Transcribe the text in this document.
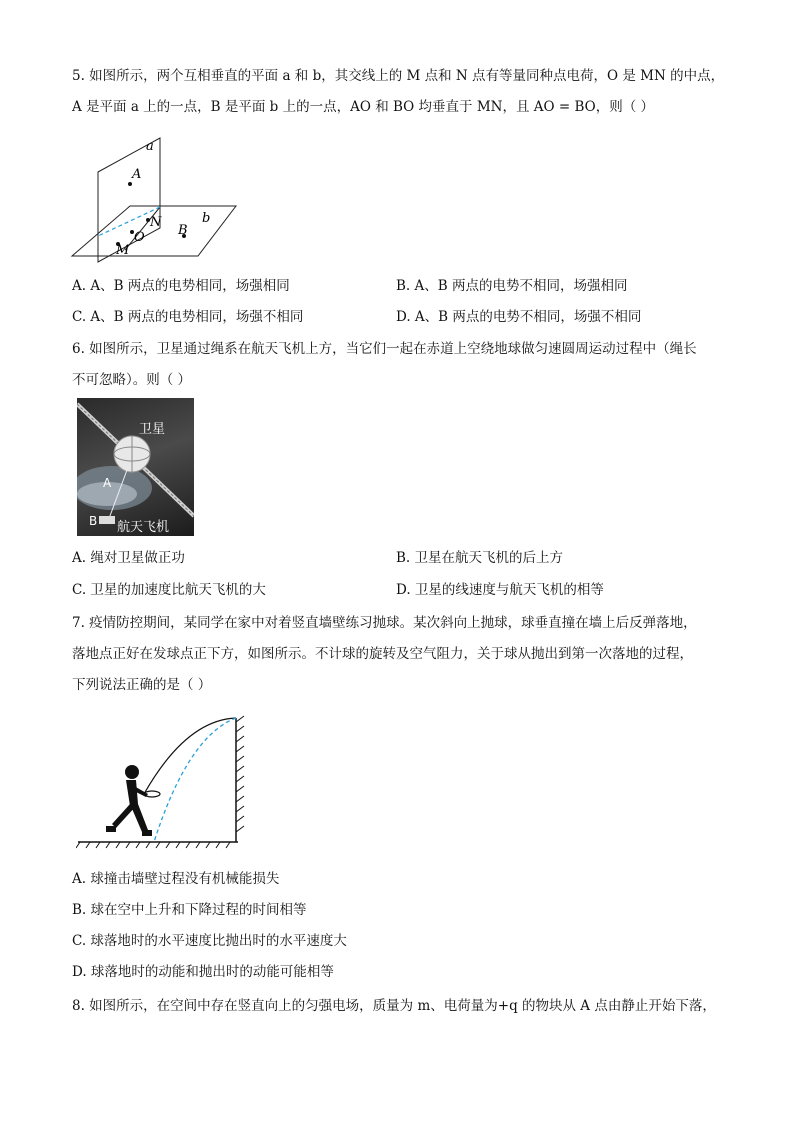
5. 如图所示，两个互相垂直的平面 a 和 b，其交线上的 M 点和 N 点有等量同种点电荷，O 是 MN 的中点，
A 是平面 a 上的一点，B 是平面 b 上的一点，AO 和 BO 均垂直于 MN，且 AO = BO，则（ ）
a
A
N
O
M
B
b
A. A、B 两点的电势相同，场强相同	B. A、B 两点的电势不相同，场强相同
C. A、B 两点的电势相同，场强不相同	D. A、B 两点的电势不相同，场强不相同
6. 如图所示，卫星通过绳系在航天飞机上方，当它们一起在赤道上空绕地球做匀速圆周运动过程中（绳长
不可忽略）。则（ ）
卫星
A
B 航天飞机
A. 绳对卫星做正功	B. 卫星在航天飞机的后上方
C. 卫星的加速度比航天飞机的大	D. 卫星的线速度与航天飞机的相等
7. 疫情防控期间，某同学在家中对着竖直墙壁练习抛球。某次斜向上抛球，球垂直撞在墙上后反弹落地，
落地点正好在发球点正下方，如图所示。不计球的旋转及空气阻力，关于球从抛出到第一次落地的过程，
下列说法正确的是（ ）
A. 球撞击墙壁过程没有机械能损失
B. 球在空中上升和下降过程的时间相等
C. 球落地时的水平速度比抛出时的水平速度大
D. 球落地时的动能和抛出时的动能可能相等
8. 如图所示，在空间中存在竖直向上的匀强电场，质量为 m、电荷量为+q 的物块从 A 点由静止开始下落，
